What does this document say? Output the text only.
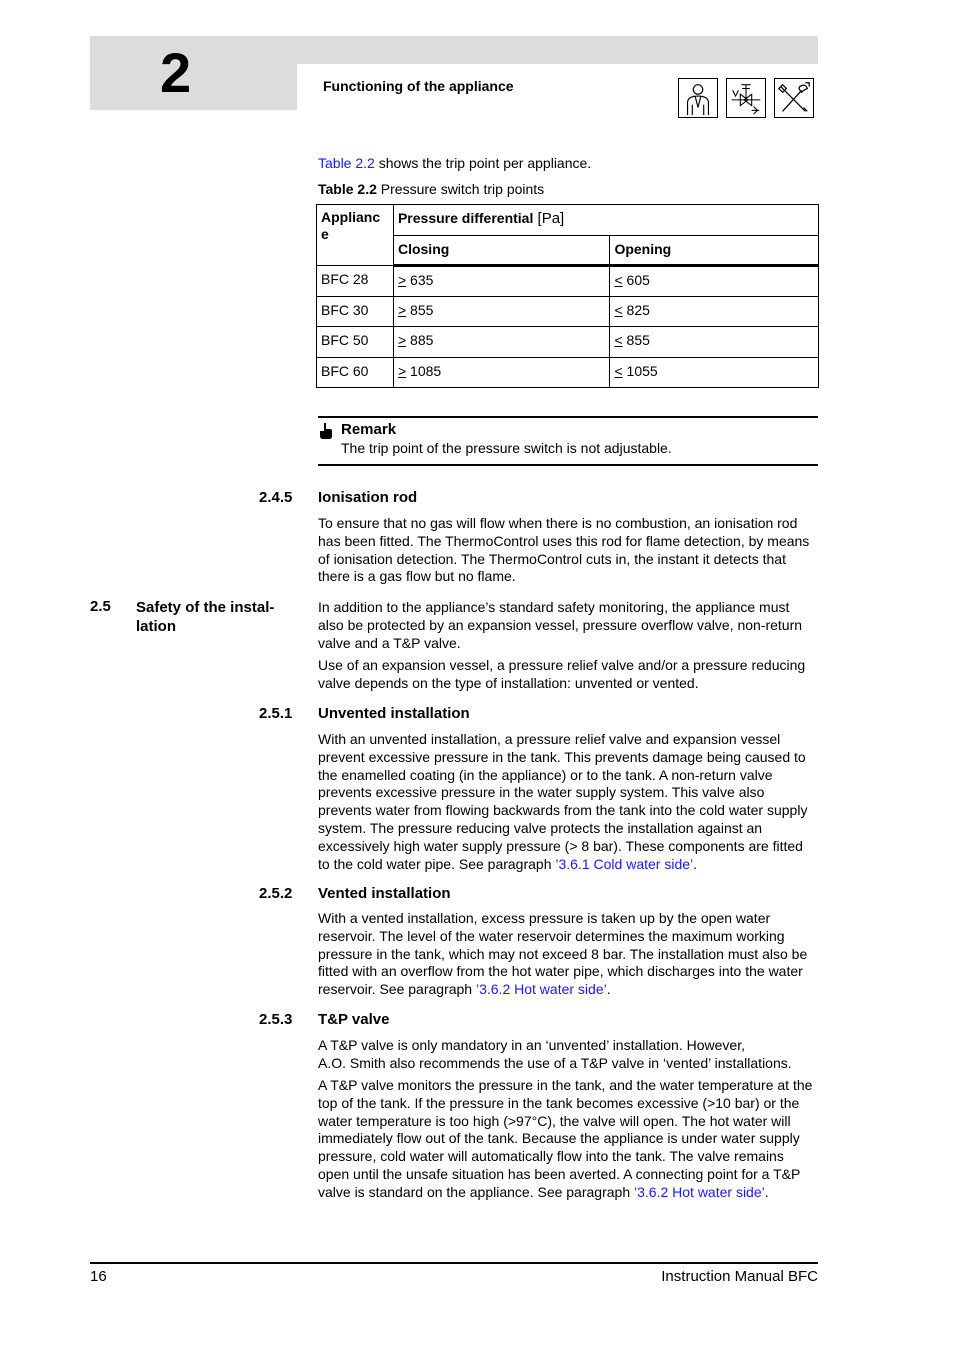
2	Functioning of the appliance

Table 2.2 shows the trip point per appliance.

Table 2.2 Pressure switch trip points

Applianc
e	Pressure differential [Pa]	
	Closing	Opening
BFC 28	> 635	< 605
BFC 30	> 855	< 825
BFC 50	> 885	< 855
BFC 60	> 1085	< 1055
Remark
The trip point of the pressure switch is not adjustable.
2.4.5 Ionisation rod
To ensure that no gas will flow when there is no combustion, an ionisation rod
has been fitted. The ThermoControl uses this rod for flame detection, by means
of ionisation detection. The ThermoControl cuts in, the instant it detects that
there is a gas flow but no flame.
2.5 Safety of the instal-
lation
In addition to the appliance’s standard safety monitoring, the appliance must
also be protected by an expansion vessel, pressure overflow valve, non-return
valve and a T&P valve.
Use of an expansion vessel, a pressure relief valve and/or a pressure reducing
valve depends on the type of installation: unvented or vented.
2.5.1 Unvented installation
With an unvented installation, a pressure relief valve and expansion vessel
prevent excessive pressure in the tank. This prevents damage being caused to
the enamelled coating (in the appliance) or to the tank. A non-return valve
prevents excessive pressure in the water supply system. This valve also
prevents water from flowing backwards from the tank into the cold water supply
system. The pressure reducing valve protects the installation against an
excessively high water supply pressure (> 8 bar). These components are fitted
to the cold water pipe. See paragraph ’3.6.1 Cold water side’.
2.5.2 Vented installation
With a vented installation, excess pressure is taken up by the open water
reservoir. The level of the water reservoir determines the maximum working
pressure in the tank, which may not exceed 8 bar. The installation must also be
fitted with an overflow from the hot water pipe, which discharges into the water
reservoir. See paragraph ’3.6.2 Hot water side’.
2.5.3 T&P valve
A T&P valve is only mandatory in an ‘unvented’ installation. However,
A.O. Smith also recommends the use of a T&P valve in ‘vented’ installations.
A T&P valve monitors the pressure in the tank, and the water temperature at the
top of the tank. If the pressure in the tank becomes excessive (>10 bar) or the
water temperature is too high (>97°C), the valve will open. The hot water will
immediately flow out of the tank. Because the appliance is under water supply
pressure, cold water will automatically flow into the tank. The valve remains
open until the unsafe situation has been averted. A connecting point for a T&P
valve is standard on the appliance. See paragraph ’3.6.2 Hot water side’.
16	Instruction Manual BFC
